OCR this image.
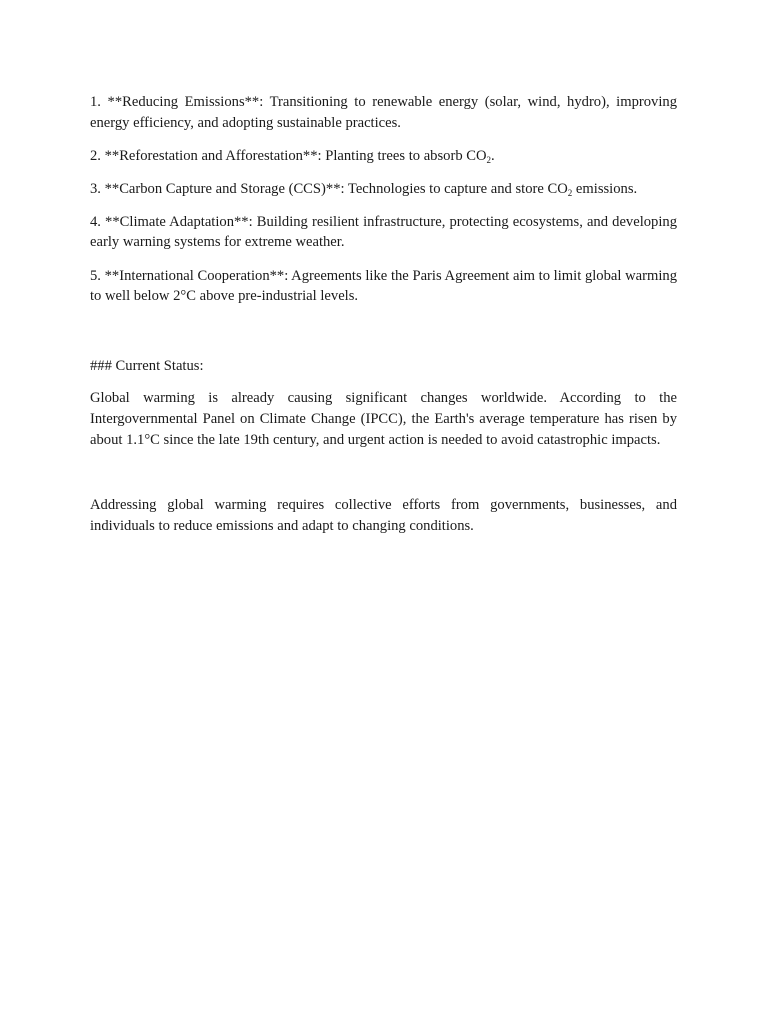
1. **Reducing Emissions**: Transitioning to renewable energy (solar, wind, hydro), improving energy efficiency, and adopting sustainable practices.

2. **Reforestation and Afforestation**: Planting trees to absorb $CO_2$.

3. **Carbon Capture and Storage (CCS)**: Technologies to capture and store $CO_2$ emissions.

4. **Climate Adaptation**: Building resilient infrastructure, protecting ecosystems, and developing early warning systems for extreme weather.

5. **International Cooperation**: Agreements like the Paris Agreement aim to limit global warming to well below 2°C above pre-industrial levels.

### Current Status:

Global warming is already causing significant changes worldwide. According to the Intergovernmental Panel on Climate Change (IPCC), the Earth's average temperature has risen by about 1.1°C since the late 19th century, and urgent action is needed to avoid catastrophic impacts.

Addressing global warming requires collective efforts from governments, businesses, and individuals to reduce emissions and adapt to changing conditions.
